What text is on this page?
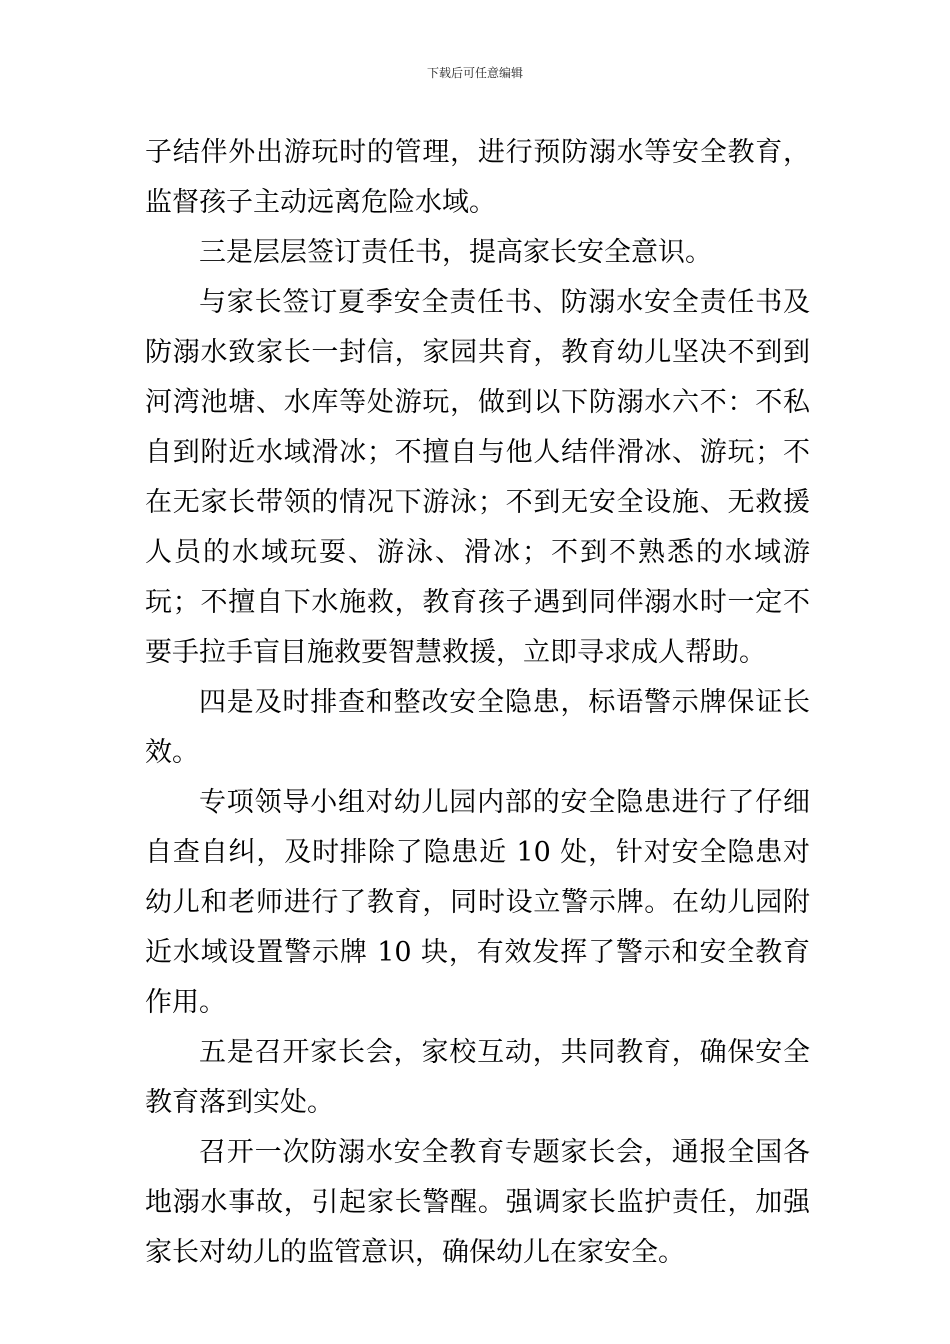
下载后可任意编辑

子结伴外出游玩时的管理，进行预防溺水等安全教育，监督孩子主动远离危险水域。

三是层层签订责任书，提高家长安全意识。

与家长签订夏季安全责任书、防溺水安全责任书及防溺水致家长一封信，家园共育，教育幼儿坚决不到到河湾池塘、水库等处游玩，做到以下防溺水六不：不私自到附近水域滑冰；不擅自与他人结伴滑冰、游玩；不在无家长带领的情况下游泳；不到无安全设施、无救援人员的水域玩耍、游泳、滑冰；不到不熟悉的水域游玩；不擅自下水施救，教育孩子遇到同伴溺水时一定不要手拉手盲目施救要智慧救援，立即寻求成人帮助。

四是及时排查和整改安全隐患，标语警示牌保证长效。

专项领导小组对幼儿园内部的安全隐患进行了仔细自查自纠，及时排除了隐患近 10 处，针对安全隐患对幼儿和老师进行了教育，同时设立警示牌。在幼儿园附近水域设置警示牌 10 块，有效发挥了警示和安全教育作用。

五是召开家长会，家校互动，共同教育，确保安全教育落到实处。

召开一次防溺水安全教育专题家长会，通报全国各地溺水事故，引起家长警醒。强调家长监护责任，加强家长对幼儿的监管意识，确保幼儿在家安全。
